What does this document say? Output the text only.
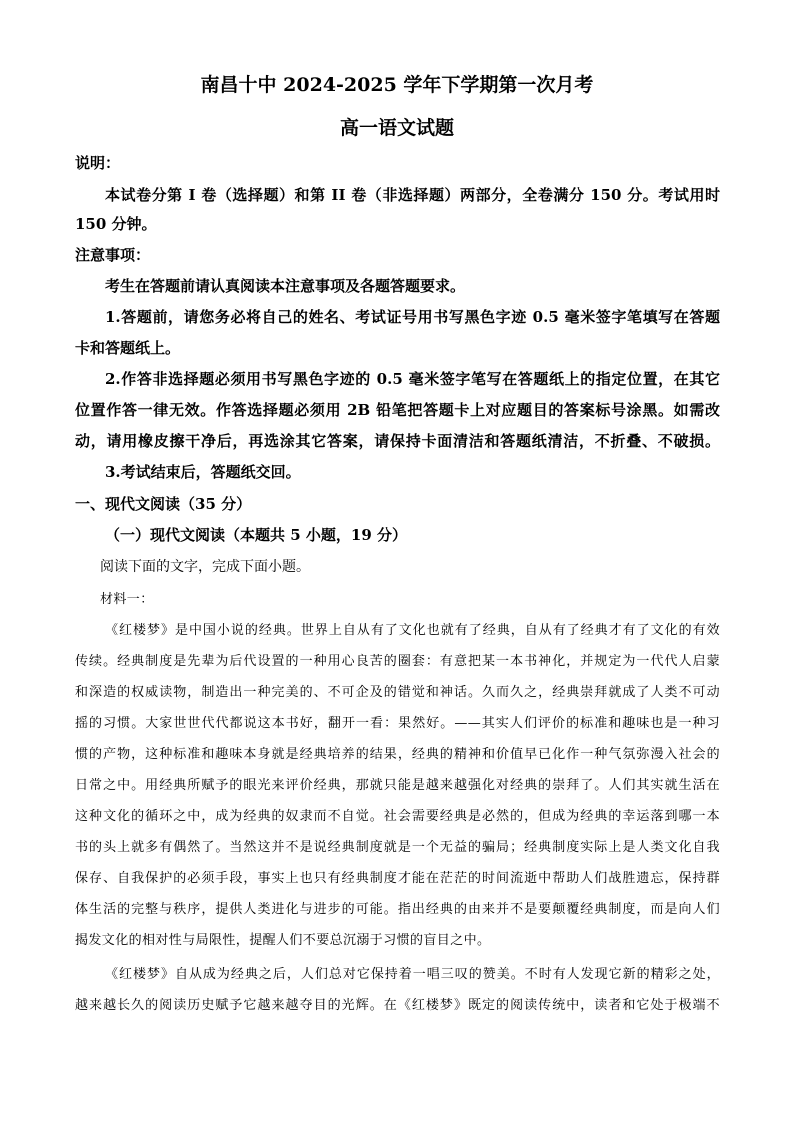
南昌十中 2024-2025 学年下学期第一次月考
高一语文试题
说明：
本试卷分第 I 卷（选择题）和第 II 卷（非选择题）两部分，全卷满分 150 分。考试用时
150 分钟。
注意事项：
考生在答题前请认真阅读本注意事项及各题答题要求。
1.答题前，请您务必将自己的姓名、考试证号用书写黑色字迹 0.5 毫米签字笔填写在答题
卡和答题纸上。
2.作答非选择题必须用书写黑色字迹的 0.5 毫米签字笔写在答题纸上的指定位置，在其它
位置作答一律无效。作答选择题必须用 2B 铅笔把答题卡上对应题目的答案标号涂黑。如需改
动，请用橡皮擦干净后，再选涂其它答案，请保持卡面清洁和答题纸清洁，不折叠、不破损。
3.考试结束后，答题纸交回。
一、现代文阅读（35 分）
（一）现代文阅读（本题共 5 小题，19 分）
阅读下面的文字，完成下面小题。
材料一：
《红楼梦》是中国小说的经典。世界上自从有了文化也就有了经典，自从有了经典才有了文化的有效
传续。经典制度是先辈为后代设置的一种用心良苦的圈套：有意把某一本书神化，并规定为一代代人启蒙
和深造的权威读物，制造出一种完美的、不可企及的错觉和神话。久而久之，经典崇拜就成了人类不可动
摇的习惯。大家世世代代都说这本书好，翻开一看：果然好。——其实人们评价的标准和趣味也是一种习
惯的产物，这种标准和趣味本身就是经典培养的结果，经典的精神和价值早已化作一种气氛弥漫入社会的
日常之中。用经典所赋予的眼光来评价经典，那就只能是越来越强化对经典的崇拜了。人们其实就生活在
这种文化的循环之中，成为经典的奴隶而不自觉。社会需要经典是必然的，但成为经典的幸运落到哪一本
书的头上就多有偶然了。当然这并不是说经典制度就是一个无益的骗局；经典制度实际上是人类文化自我
保存、自我保护的必须手段，事实上也只有经典制度才能在茫茫的时间流逝中帮助人们战胜遗忘，保持群
体生活的完整与秩序，提供人类进化与进步的可能。指出经典的由来并不是要颠覆经典制度，而是向人们
揭发文化的相对性与局限性，提醒人们不要总沉溺于习惯的盲目之中。
《红楼梦》自从成为经典之后，人们总对它保持着一唱三叹的赞美。不时有人发现它新的精彩之处，
越来越长久的阅读历史赋予它越来越夺目的光辉。在《红楼梦》既定的阅读传统中，读者和它处于极端不
